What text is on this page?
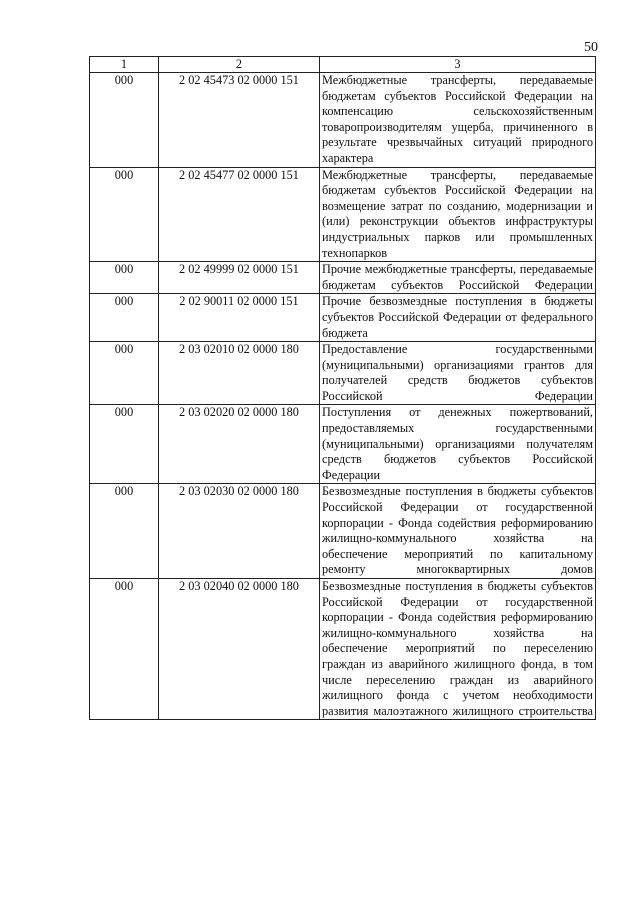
50
1	2	3
000	2 02 45473 02 0000 151	Межбюджетные трансферты, передаваемые бюджетам субъектов Российской Федерации на компенсацию сельскохозяйственным товаропроизводителям ущерба, причиненного в результате чрезвычайных ситуаций природного характера
000	2 02 45477 02 0000 151	Межбюджетные трансферты, передаваемые бюджетам субъектов Российской Федерации на возмещение затрат по созданию, модернизации и (или) реконструкции объектов инфраструктуры индустриальных парков или промышленных технопарков
000	2 02 49999 02 0000 151	Прочие межбюджетные трансферты, передаваемые бюджетам субъектов Российской Федерации
000	2 02 90011 02 0000 151	Прочие безвозмездные поступления в бюджеты субъектов Российской Федерации от федерального бюджета
000	2 03 02010 02 0000 180	Предоставление государственными (муниципальными) организациями грантов для получателей средств бюджетов субъектов Российской Федерации
000	2 03 02020 02 0000 180	Поступления от денежных пожертвований, предоставляемых государственными (муниципальными) организациями получателям средств бюджетов субъектов Российской Федерации
000	2 03 02030 02 0000 180	Безвозмездные поступления в бюджеты субъектов Российской Федерации от государственной корпорации - Фонда содействия реформированию жилищно-коммунального хозяйства на обеспечение мероприятий по капитальному ремонту многоквартирных домов
000	2 03 02040 02 0000 180	Безвозмездные поступления в бюджеты субъектов Российской Федерации от государственной корпорации - Фонда содействия реформированию жилищно-коммунального хозяйства на обеспечение мероприятий по переселению граждан из аварийного жилищного фонда, в том числе переселению граждан из аварийного жилищного фонда с учетом необходимости развития малоэтажного жилищного строительства
